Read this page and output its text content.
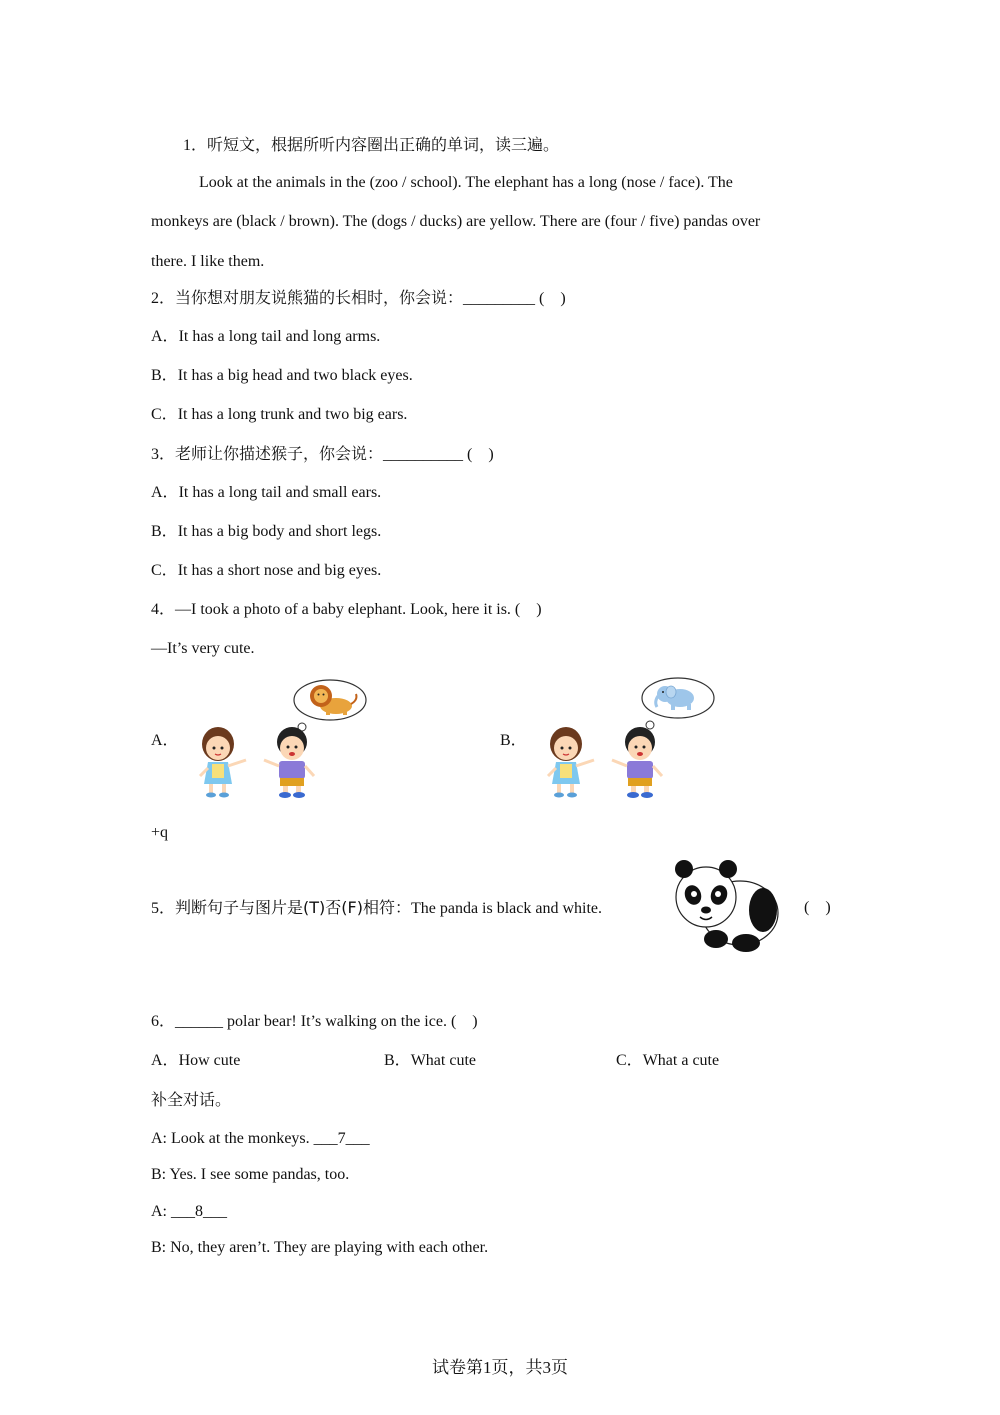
1．听短文，根据所听内容圈出正确的单词，读三遍。
Look at the animals in the (zoo / school). The elephant has a long (nose / face). The
monkeys are (black / brown). The (dogs / ducks) are yellow. There are (four / five) pandas over
there. I like them.
2．当你想对朋友说熊猫的长相时，你会说：_________ (　)
A．It has a long tail and long arms.
B．It has a big head and two black eyes.
C．It has a long trunk and two big ears.
3．老师让你描述猴子，你会说：__________ (　)
A．It has a long tail and small ears.
B．It has a big body and short legs.
C．It has a short nose and big eyes.
4．—I took a photo of a baby elephant. Look, here it is. (　)
—It’s very cute.
A．	B．
+q
5．判断句子与图片是(T)否(F)相符：The panda is black and white.	(　)
6．______ polar bear! It’s walking on the ice. (　)
A．How cute	B．What cute	C．What a cute
补全对话。
A: Look at the monkeys. ___7___
B: Yes. I see some pandas, too.
A: ___8___
B: No, they aren’t. They are playing with each other.
试卷第1页，共3页
